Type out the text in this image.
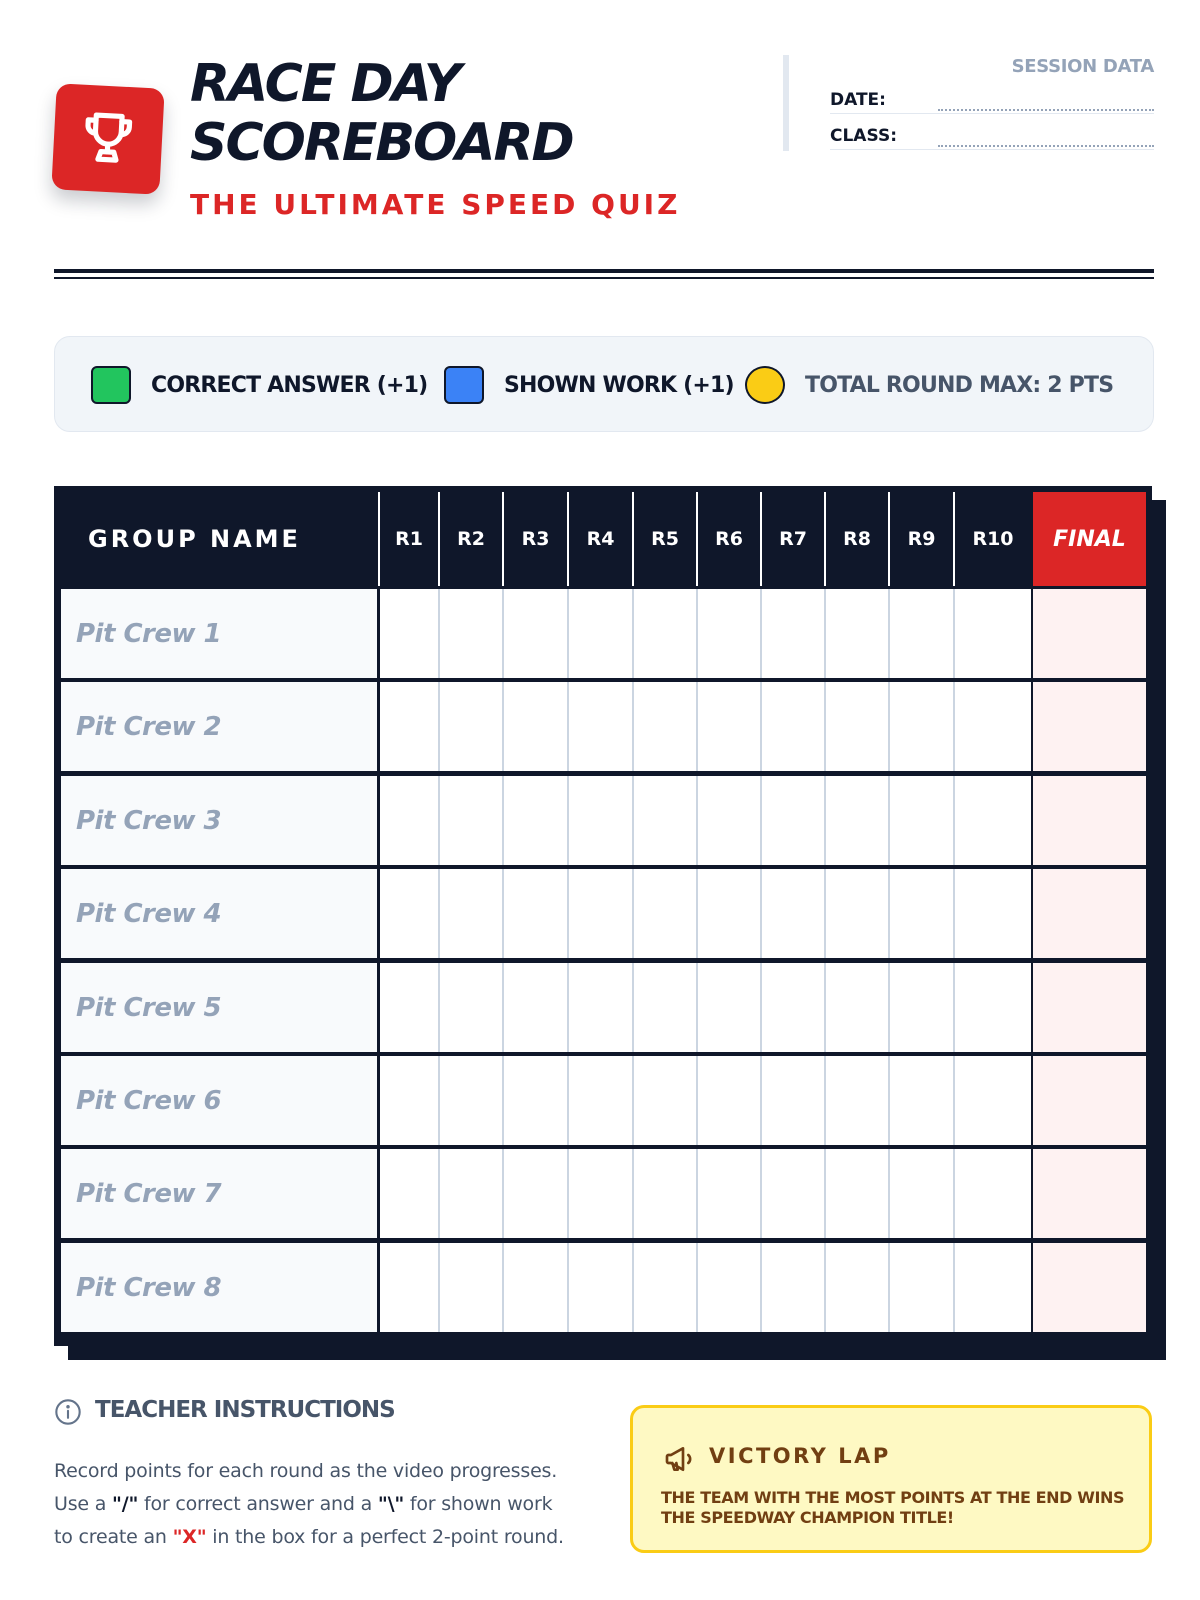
RACE DAY
SCOREBOARD
THE ULTIMATE SPEED QUIZ
SESSION DATA
DATE:
CLASS:
CORRECT ANSWER (+1)	SHOWN WORK (+1)	TOTAL ROUND MAX: 2 PTS
GROUP NAME	R1	R2	R3	R4	R5	R6	R7	R8	R9	R10	FINAL
Pit Crew 1
Pit Crew 2
Pit Crew 3
Pit Crew 4
Pit Crew 5
Pit Crew 6
Pit Crew 7
Pit Crew 8
TEACHER INSTRUCTIONS
Record points for each round as the video progresses.
Use a "/" for correct answer and a "\" for shown work
to create an "X" in the box for a perfect 2-point round.
VICTORY LAP
THE TEAM WITH THE MOST POINTS AT THE END WINS THE SPEEDWAY CHAMPION TITLE!
